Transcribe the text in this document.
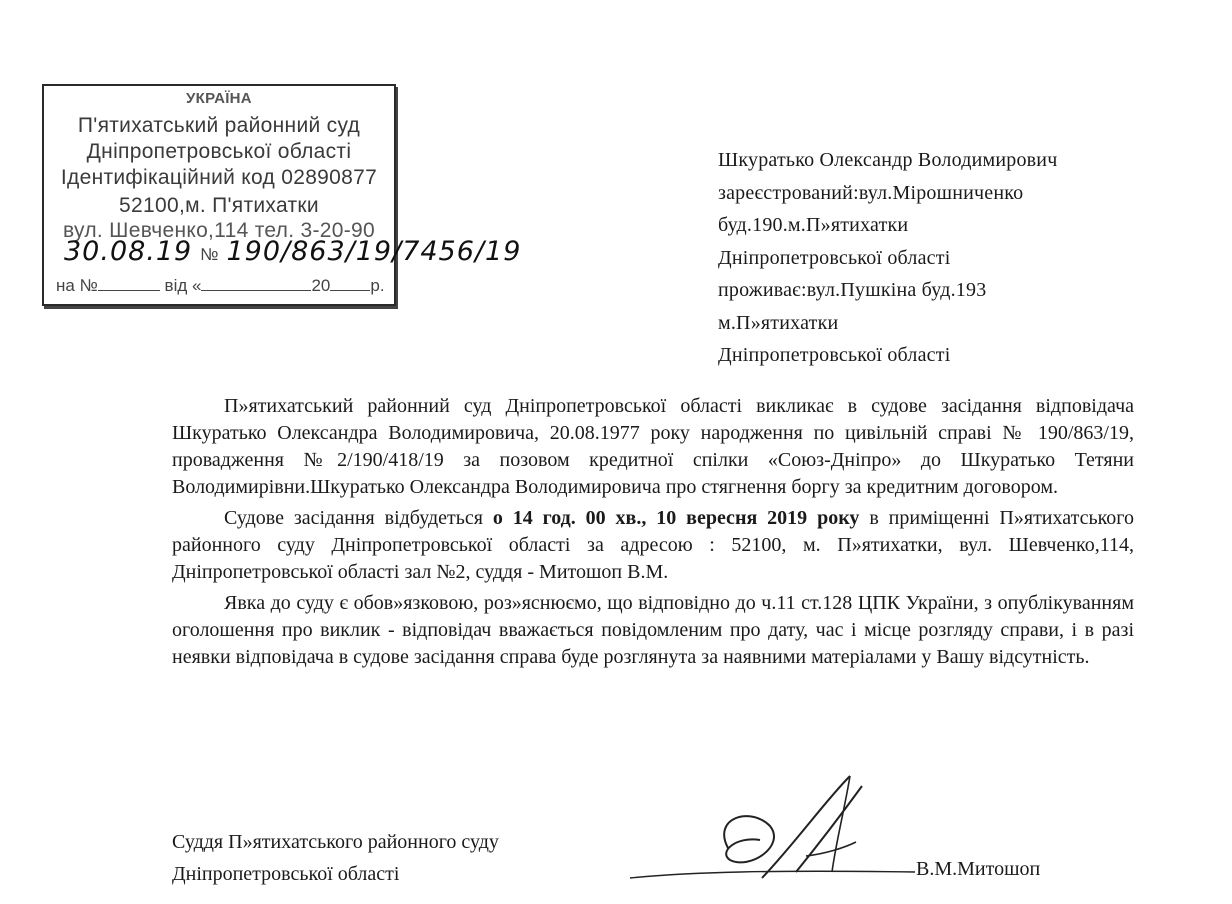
УКРАЇНА
П'ятихатський районний суд
Дніпропетровської області
Ідентифікаційний код 02890877
52100,м. П'ятихатки
вул. Шевченко,114 тел. 3-20-90
30.08.19 № 190/863/19/7456/19
на №	від «	20 р.
Шкуратько Олександр Володимирович
зареєстрований:вул.Мірошниченко
буд.190.м.П»ятихатки
Дніпропетровської області
проживає:вул.Пушкіна буд.193
м.П»ятихатки
Дніпропетровської області

П»ятихатський районний суд Дніпропетровської області викликає в судове засідання відповідача Шкуратько Олександра Володимировича, 20.08.1977 року народження по цивільній справі № 190/863/19, провадження №2/190/418/19 за позовом кредитної спілки «Союз-Дніпро» до Шкуратько Тетяни Володимирівни.Шкуратько Олександра Володимировича про стягнення боргу за кредитним договором.

Судове засідання відбудеться о 14 год. 00 хв., 10 вересня 2019 року в приміщенні П»ятихатського районного суду Дніпропетровської області за адресою : 52100, м. П»ятихатки, вул. Шевченко,114, Дніпропетровської області зал №2, суддя - Митошоп В.М.

Явка до суду є обов»язковою, роз»яснюємо, що відповідно до ч.11 ст.128 ЦПК України, з опублікуванням оголошення про виклик - відповідач вважається повідомленим про дату, час і місце розгляду справи, і в разі неявки відповідача в судове засідання справа буде розглянута за наявними матеріалами у Вашу відсутність.

Суддя П»ятихатського районного суду
Дніпропетровської області	В.М.Митошоп
